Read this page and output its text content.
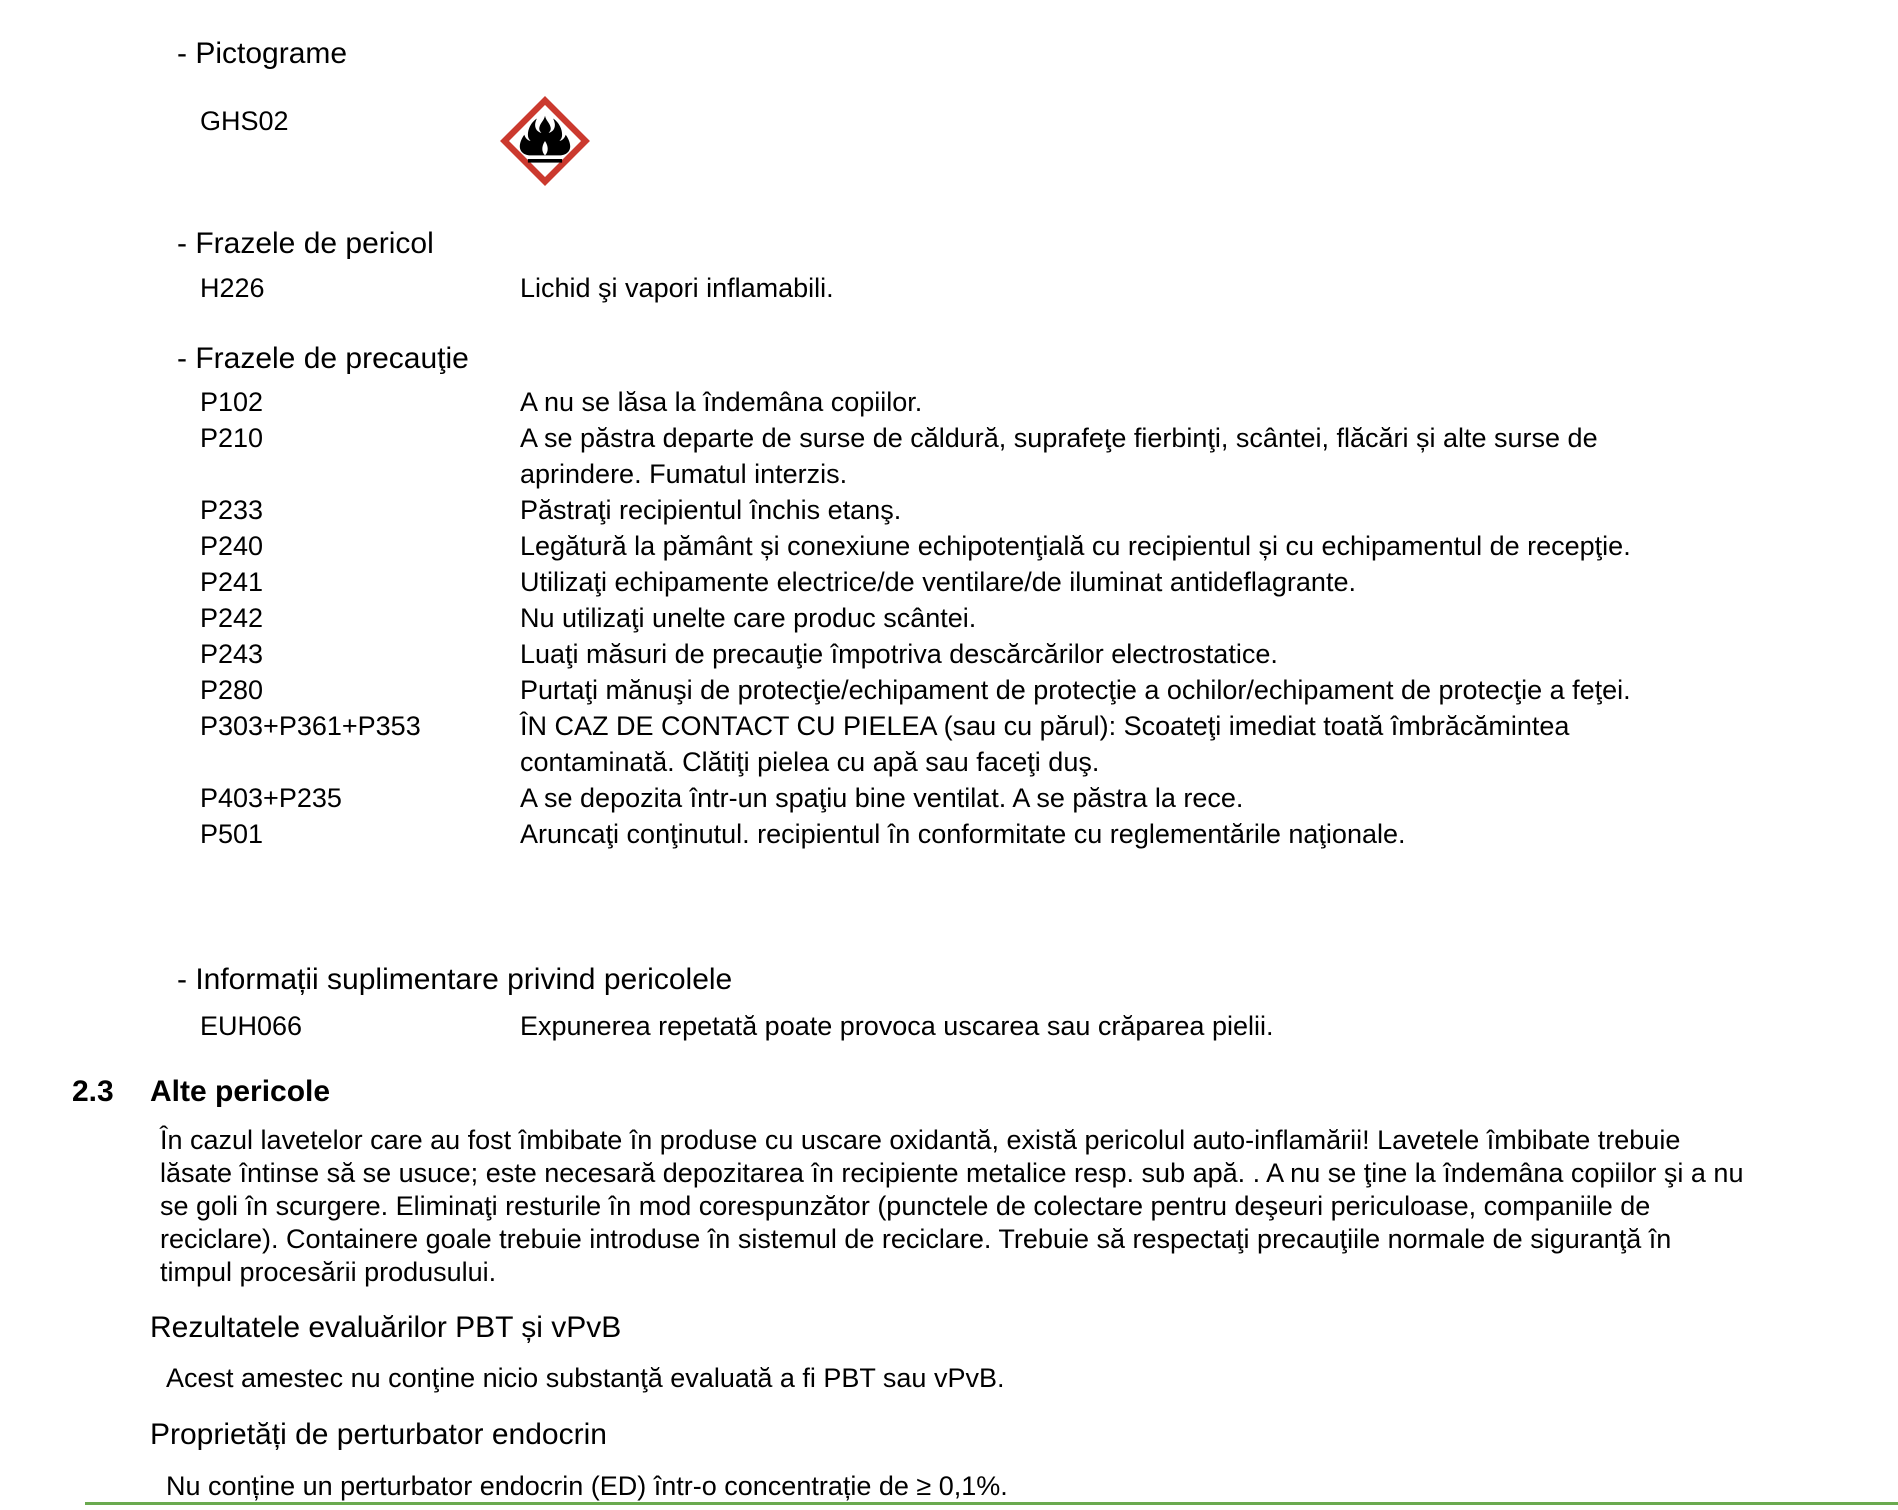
- Pictograme
GHS02
- Frazele de pericol
H226	Lichid şi vapori inflamabili.
- Frazele de precauţie
P102	A nu se lăsa la îndemâna copiilor.
P210	A se păstra departe de surse de căldură, suprafeţe fierbinţi, scântei, flăcări și alte surse de aprindere. Fumatul interzis.
P233	Păstraţi recipientul închis etanş.
P240	Legătură la pământ și conexiune echipotenţială cu recipientul și cu echipamentul de recepţie.
P241	Utilizaţi echipamente electrice/de ventilare/de iluminat antideflagrante.
P242	Nu utilizaţi unelte care produc scântei.
P243	Luaţi măsuri de precauţie împotriva descărcărilor electrostatice.
P280	Purtaţi mănuşi de protecţie/echipament de protecţie a ochilor/echipament de protecţie a feţei.
P303+P361+P353	ÎN CAZ DE CONTACT CU PIELEA (sau cu părul): Scoateţi imediat toată îmbrăcămintea contaminată. Clătiţi pielea cu apă sau faceţi duş.
P403+P235	A se depozita într-un spaţiu bine ventilat. A se păstra la rece.
P501	Aruncaţi conţinutul. recipientul în conformitate cu reglementările naţionale.
- Informații suplimentare privind pericolele
EUH066	Expunerea repetată poate provoca uscarea sau crăparea pielii.
2.3 Alte pericole
În cazul lavetelor care au fost îmbibate în produse cu uscare oxidantă, există pericolul auto-inflamării! Lavetele îmbibate trebuie lăsate întinse să se usuce; este necesară depozitarea în recipiente metalice resp. sub apă. . A nu se ţine la îndemâna copiilor şi a nu se goli în scurgere. Eliminaţi resturile în mod corespunzător (punctele de colectare pentru deşeuri periculoase, companiile de reciclare). Containere goale trebuie introduse în sistemul de reciclare. Trebuie să respectaţi precauţiile normale de siguranţă în timpul procesării produsului.
Rezultatele evaluărilor PBT și vPvB
Acest amestec nu conţine nicio substanţă evaluată a fi PBT sau vPvB.
Proprietăți de perturbator endocrin
Nu conține un perturbator endocrin (ED) într-o concentrație de ≥ 0,1%.
